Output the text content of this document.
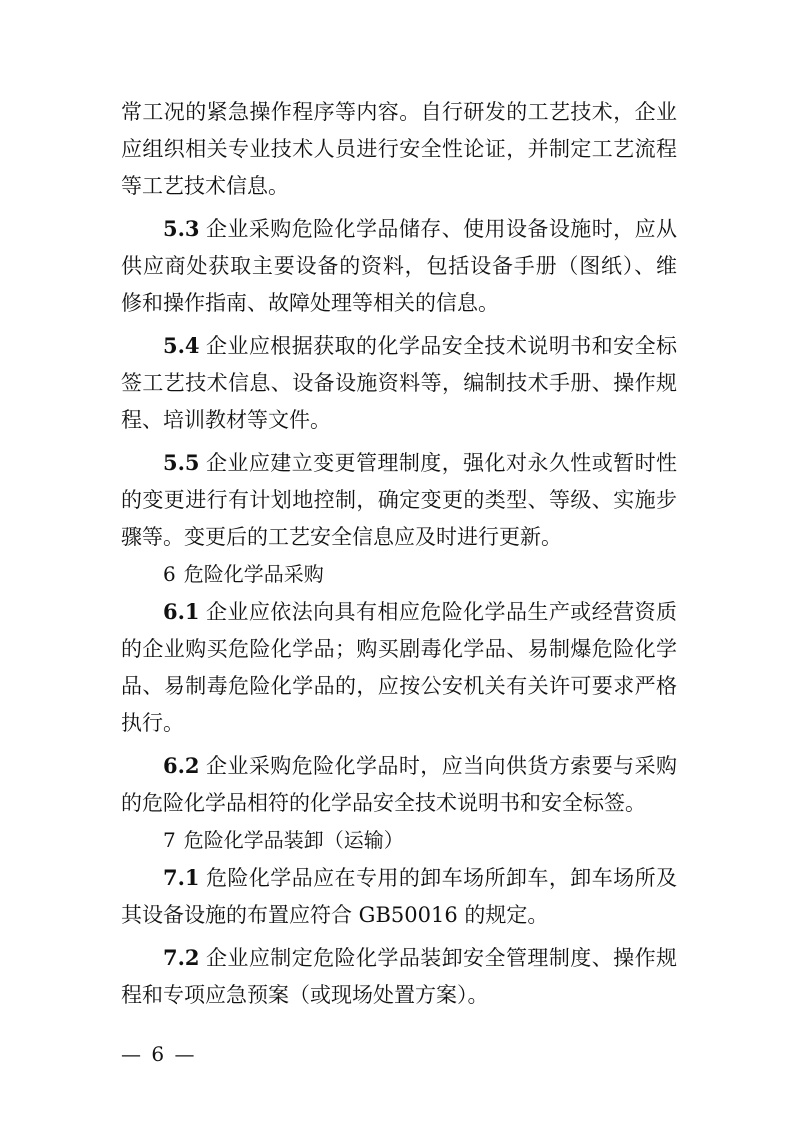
常工况的紧急操作程序等内容。自行研发的工艺技术，企业应组织相关专业技术人员进行安全性论证，并制定工艺流程等工艺技术信息。

5.3 企业采购危险化学品储存、使用设备设施时，应从供应商处获取主要设备的资料，包括设备手册（图纸）、维修和操作指南、故障处理等相关的信息。

5.4 企业应根据获取的化学品安全技术说明书和安全标签工艺技术信息、设备设施资料等，编制技术手册、操作规程、培训教材等文件。

5.5 企业应建立变更管理制度，强化对永久性或暂时性的变更进行有计划地控制，确定变更的类型、等级、实施步骤等。变更后的工艺安全信息应及时进行更新。

6 危险化学品采购

6.1 企业应依法向具有相应危险化学品生产或经营资质的企业购买危险化学品；购买剧毒化学品、易制爆危险化学品、易制毒危险化学品的，应按公安机关有关许可要求严格执行。

6.2 企业采购危险化学品时，应当向供货方索要与采购的危险化学品相符的化学品安全技术说明书和安全标签。

7 危险化学品装卸（运输）

7.1 危险化学品应在专用的卸车场所卸车，卸车场所及其设备设施的布置应符合 GB50016 的规定。

7.2 企业应制定危险化学品装卸安全管理制度、操作规程和专项应急预案（或现场处置方案）。

— 6 —
